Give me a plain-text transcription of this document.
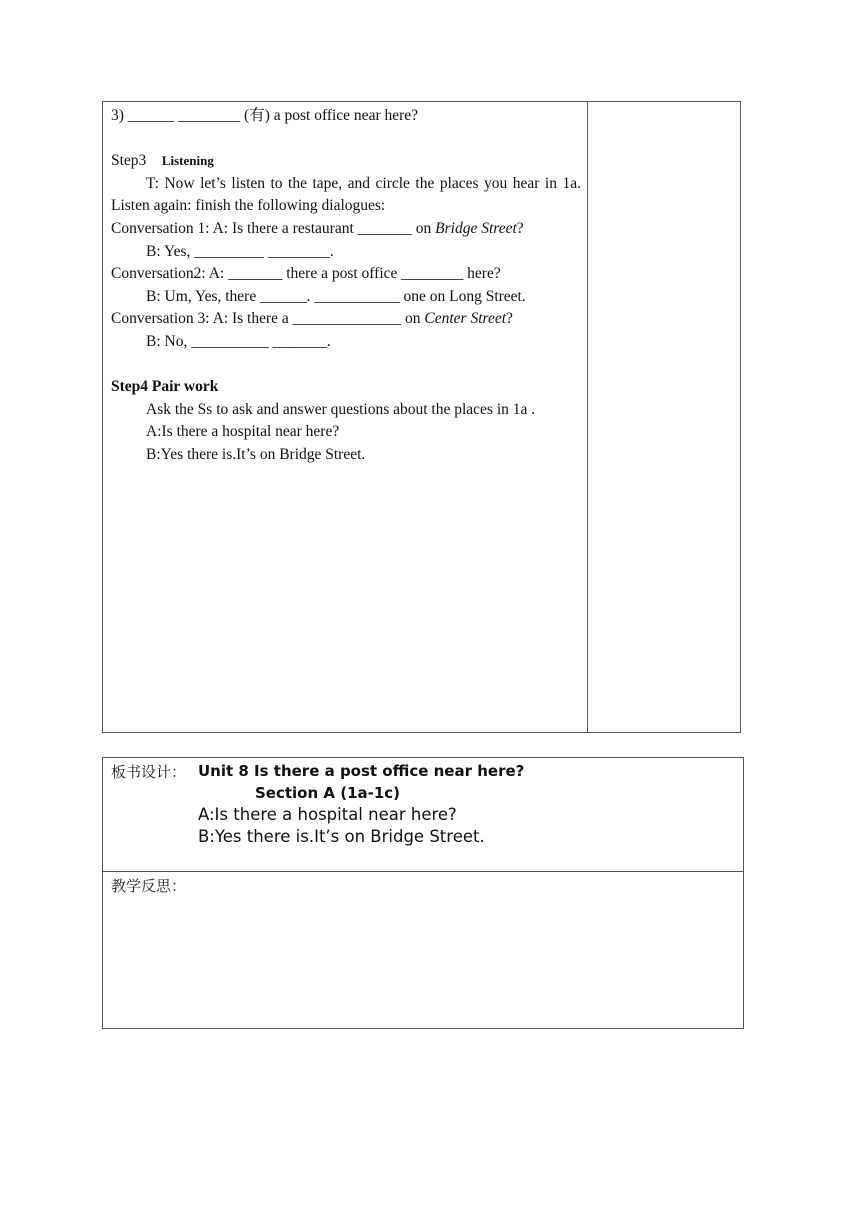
3) ______ ________ (有) a post office near here?
Step3 Listening
T: Now let’s listen to the tape, and circle the places you hear in 1a. Listen again: finish the following dialogues:
Conversation 1: A: Is there a restaurant _______ on Bridge Street?
B: Yes, _________ ________.
Conversation2: A: _______ there a post office ________ here?
B: Um, Yes, there ______. ___________ one on Long Street.
Conversation 3: A: Is there a ______________ on Center Street?
B: No, __________ _______.
Step4 Pair work
Ask the Ss to ask and answer questions about the places in 1a .
A:Is there a hospital near here?
B:Yes there is.It’s on Bridge Street.
板书设计： Unit 8 Is there a post office near here?
Section A (1a-1c)
A:Is there a hospital near here?
B:Yes there is.It’s on Bridge Street.
教学反思：
